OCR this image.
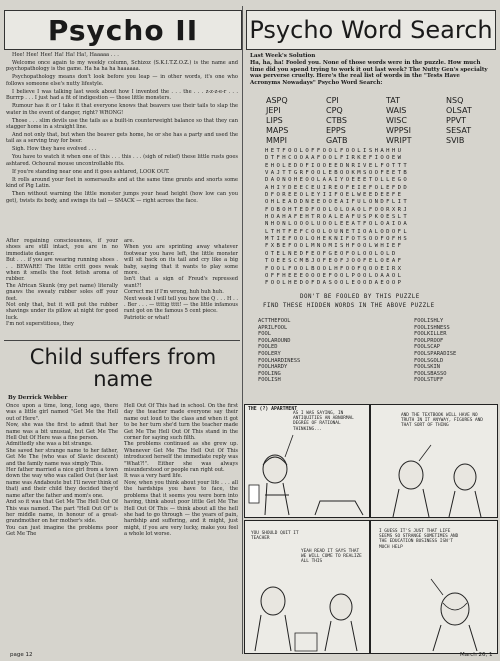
Psycho II

Hee! Hee! Hee! Ha! Ha! Ha!, Haaaaa . . .

Welcome once again to my weekly column, Schizoz (S.K.I.T.Z.O.Z.) is the name and psychopathology is the game. Ha ha ha ha haaaaaa.

Psychopathology means don't look before you leap — in other words, it's one who follows someone else's nutty lifestyle.

I believe I was talking last week about how I invented the . . . the . . . z-z-z-e-r . . . Burrrp . . . I just had a fit of indigestion — those little monsters.

Rumour has it or I take it that everyone knows that beavers use their tails to slap the water in the event of danger, right? WRONG!

Those . . . slim devils use the tails as a built-in counterweight balance so that they can stagger home in a straight line.

And not only that, but when the beaver gets home, he or she has a party and used the tail as a serving tray for beer.

Sigh. How they have evolved . . .

You have to watch it when one of this . . . this . . . (sigh of relief) these little rusts goes ashtared. Ochoural mouse uncontrollable fits.

If you're standing near one and it goes ashtared, LOOK OUT.

It rolls around your feet in somersaults and at the same time grunts and snorts some kind of Pig Latin.

Then without warning the little monster jumps your head height (how low can you get), twists its body, and swings its tail — SMACK — right across the face.

After regaining consciousness, if your shoes are still intact, you are in no immediate danger.
But . . . if you are wearing running shoes . . . BEWARE! The little critt goes weak when it smells the foot fetish aroma of rubber.
The African Skunk (my pet name) literally gnaws the sweaty rubber soles off your feet.
Not only that, but it will put the rubber shavings under its pillow at night for good luck.
I'm not superstitious, they
are.
When you are sprinting away whatever footwear you have left, the little monster will sit back on its tail and cry like a big baby, saying that it wants to play some more.
Isn't that a sign of Freud's repressed want?!
Correct me if I'm wrong, huh huh huh.
Next week I will tell you how the Q . . . H . . . Ber . . . — ttttig tttt! — the little infamous rant got on the famous 5 cent piece.
Patriotic or what!
Child suffers from name
By Derrick Webber
Once upon a time, long, long ago, there was a little girl named "Get Me the Hell out of Here".
Now, she was the first to admit that her name was a bit unusual, but Get Me The Hell Out Of Here was a fine person.
Admittedly she was a bit strange.
She saved her strange name to her father, Get Me The (who was of Slavic descent) and the family name was simply This.
Her father married a nice girl from a town down the way who was called Out (her last name was Andaboute but I'll never think of that) and their child they decided they'd name after the father and mom's one.
And so it was that Get Me The Hell Out Of This was named. The part "Hell Out Of" is her middle name, in honour of a great-grandmother on her mother's side.
You can just imagine the problems poor Get Me The
Hell Out Of This had in school. On the first day the teacher made everyone say their name out loud to the class and when it got to be her turn she'd turn the teacher made Get Me The Hell Out Of This stand in the corner for saying such filth.
The problems continued as she grew up. Whenever Get Me The Hell Out Of This introduced herself the immediate reply was "What?!". Either she was always misunderstood or people ran right out.
It was a very hard life.
Now, when you think about your life . . . all the hardships you have to face, the problems that it seems you were born into having, think about poor little Get Me The Hell Out Of This — think about all the hell she had to go through — the years of pain, hardship and suffering, and it might, just might, if you are very lucky, make you feel a whole lot worse.
Psycho Word Search
Last Week's Solution
Ha, ha, ha! Fooled you. None of those words were in the puzzle. How much time did you spend trying to work it out last week? The Nutty Gen's specialty was perverse cruelty. Here's the real list of words in the "Tests Have Acronyms Nowadays" Psycho Word Search:
ASPQ
JEPI
LIPS
MAPS
MMPI
CPI
CPQ
CTBS
EPPS
GATB
TAT
WAIS
WISC
WPPSI
WRIPT
NSQ
OLSAT
PPVT
SESAT
SVIB
HETFOOLOFFOOLFOOLISHAHHU
DTFHCOOAAFOOLFIRKEFIOOEW
EHOLEDOFIOOEEDNRIVELFOTTT
VAJTTGRFOOLEBOOKMSOOFEETB
DAONOHEOOLAAIYOEEETOLLEGO
AHIYDEECEUIREOFEIEFOLEFDD
DFOREEOLEYIIFOELWEEDEEFE
OHLEADDNEEOOEAIFULONDFLIT
FOBOHTEDFOOLOLOAOLFOORXRJ
HOAHAFEHTROALEAFUSPKOESLT
NHONLOOOLUOOLEEATFOLOAIOA
LTHTFEFCOOLOUNETIOALODOFL
MTIEFOOLOHEKNIFOTSOOFOFHS
FXBEFOOLMNOMISHFOOLWHIEF
OTELNEDFEOFGEOFOLOOLOLD
TOEESCMBJOFEOFJOOFELOEAF
FOOLFOOLBOOLHFOOFQOOEIRX
OFFHEEEOOOEFOOLPOOLOAAOL
FOOLHEDOFDASOOLEOODAEOOP
DON'T BE FOOLED BY THIS PUZZLE
FIND THESE HIDDEN WORDS IN THE ABOVE PUZZLE
ACTTHEFOOL
APRILFOOL
FOOL
FOOLAROUND
FOOLED
FOOLERY
FOOLHARDINESS
FOOLHARDY
FOOLING
FOOLISH
FOOLISHLY
FOOLISHNESS
FOOLKILLER
FOOLPROOF
FOOLSCAP
FOOLSPARADISE
FOOLSGOLD
FOOLSKIN
FOOLSBASSO
FOOLSTUFF
THE (?) APARTMENT
AS I WAS SAYING, IN ANTIQUITIES AN ABNORMAL DEGREE OF RATIONAL THINKING...
AND THE TEXTBOOK WILL HAVE NO TRUTH IN IT ANYWAY, FIGURES AND THAT SORT OF THING
YOU SHOULD QUIT IT TEACHER
YEAH READ IT SAYS THAT WE WILL COME TO REALIZE ALL THIS
I GUESS IT'S JUST THAT LIFE SEEMS SO STRANGE SOMETIMES AND THE EDUCATION BUSINESS ISN'T MUCH HELP
page 12	March 26, 1
